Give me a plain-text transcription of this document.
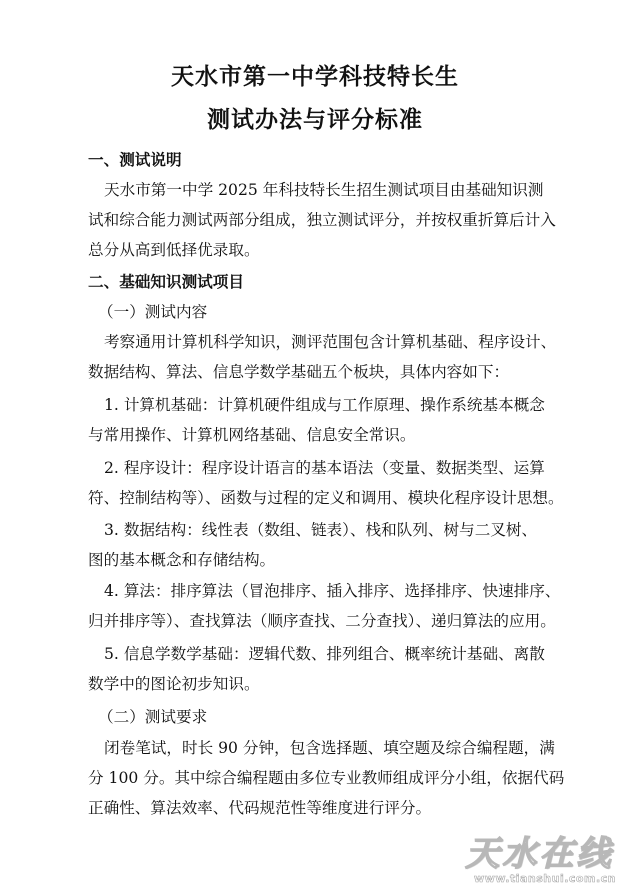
天水市第一中学科技特长生
测试办法与评分标准
一、测试说明
天水市第一中学 2025 年科技特长生招生测试项目由基础知识测
试和综合能力测试两部分组成，独立测试评分，并按权重折算后计入
总分从高到低择优录取。
二、基础知识测试项目
（一）测试内容
考察通用计算机科学知识，测评范围包含计算机基础、程序设计、
数据结构、算法、信息学数学基础五个板块，具体内容如下：
1. 计算机基础：计算机硬件组成与工作原理、操作系统基本概念
与常用操作、计算机网络基础、信息安全常识。
2. 程序设计：程序设计语言的基本语法（变量、数据类型、运算
符、控制结构等）、函数与过程的定义和调用、模块化程序设计思想。
3. 数据结构：线性表（数组、链表）、栈和队列、树与二叉树、
图的基本概念和存储结构。
4. 算法：排序算法（冒泡排序、插入排序、选择排序、快速排序、
归并排序等）、查找算法（顺序查找、二分查找）、递归算法的应用。
5. 信息学数学基础：逻辑代数、排列组合、概率统计基础、离散
数学中的图论初步知识。
（二）测试要求
闭卷笔试，时长 90 分钟，包含选择题、填空题及综合编程题，满
分 100 分。其中综合编程题由多位专业教师组成评分小组，依据代码
正确性、算法效率、代码规范性等维度进行评分。
天水在线
www.tianshui.com.cn
